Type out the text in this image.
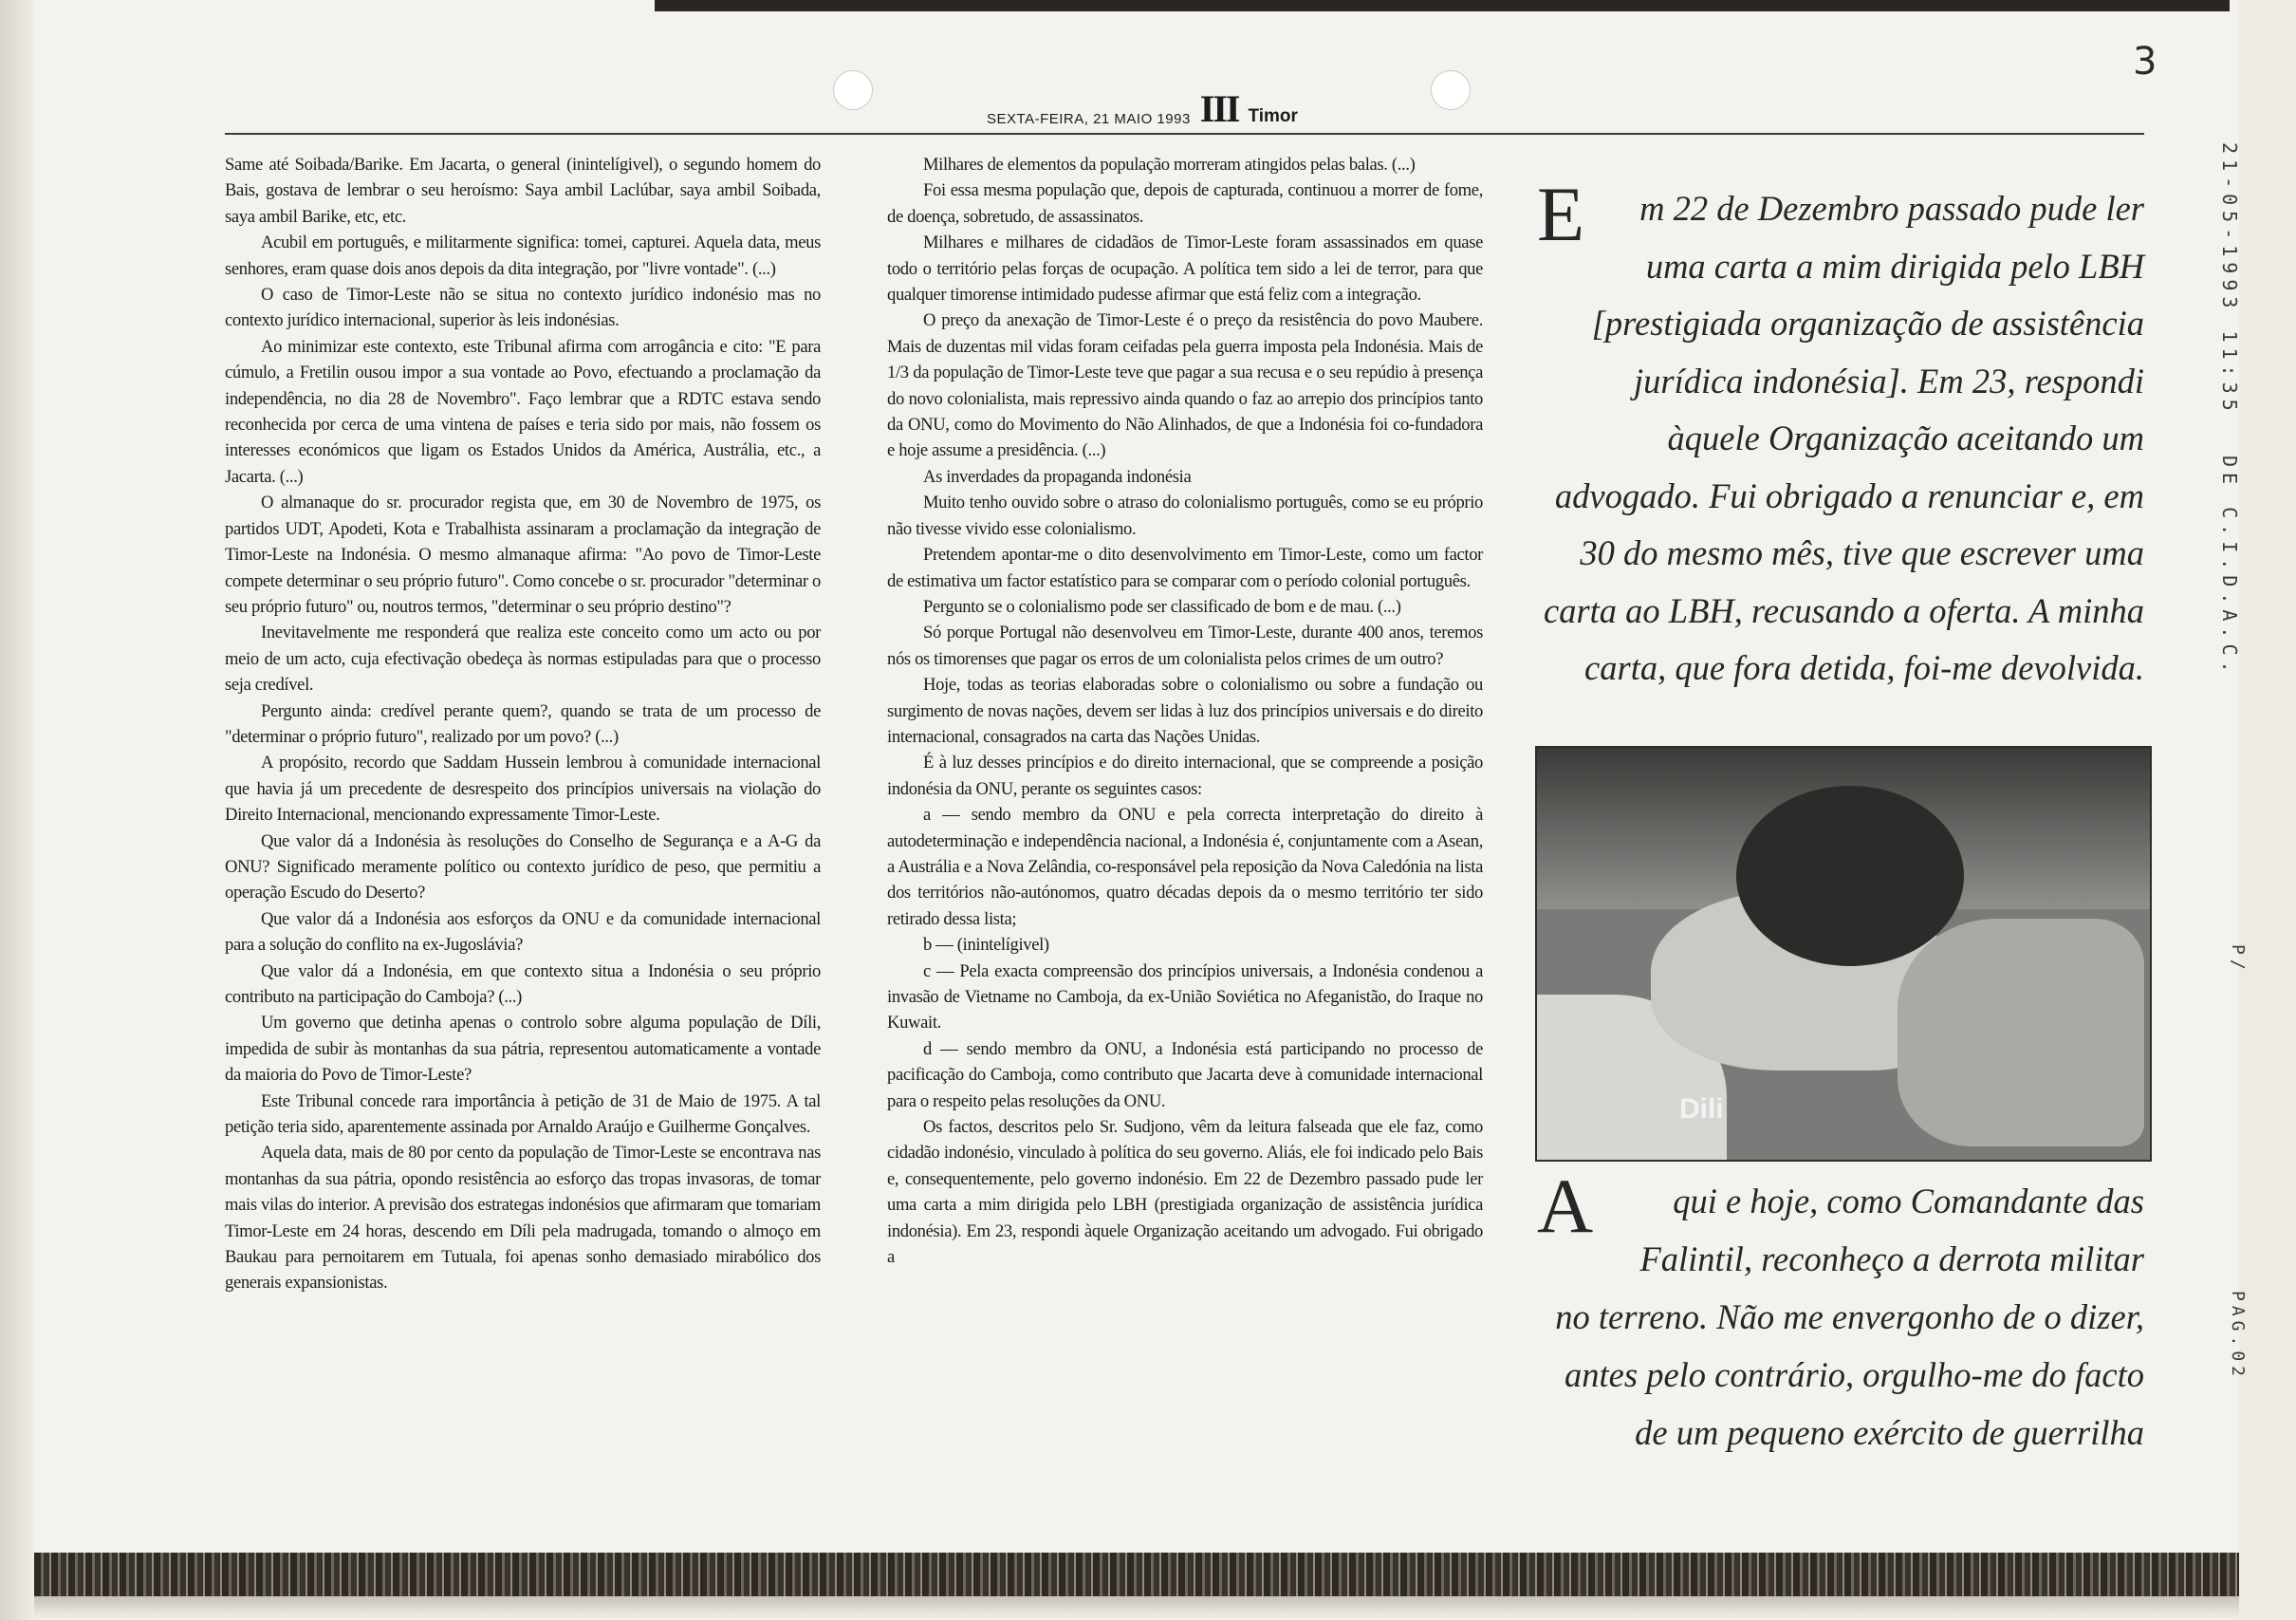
3
SEXTA-FEIRA, 21 MAIO 1993 III Timor

Same até Soibada/Barike. Em Jacarta, o general (inintelígivel), o segundo homem do Bais, gostava de lembrar o seu heroísmo: Saya ambil Laclúbar, saya ambil Soibada, saya ambil Barike, etc, etc.

Acubil em português, e militarmente significa: tomei, capturei. Aquela data, meus senhores, eram quase dois anos depois da dita integração, por "livre vontade". (...)

O caso de Timor-Leste não se situa no contexto jurídico indonésio mas no contexto jurídico internacional, superior às leis indonésias.

Ao minimizar este contexto, este Tribunal afirma com arrogância e cito: "E para cúmulo, a Fretilin ousou impor a sua vontade ao Povo, efectuando a proclamação da independência, no dia 28 de Novembro". Faço lembrar que a RDTC estava sendo reconhecida por cerca de uma vintena de países e teria sido por mais, não fossem os interesses económicos que ligam os Estados Unidos da América, Austrália, etc., a Jacarta. (...)

O almanaque do sr. procurador regista que, em 30 de Novembro de 1975, os partidos UDT, Apodeti, Kota e Trabalhista assinaram a proclamação da integração de Timor-Leste na Indonésia. O mesmo almanaque afirma: "Ao povo de Timor-Leste compete determinar o seu próprio futuro". Como concebe o sr. procurador "determinar o seu próprio futuro" ou, noutros termos, "determinar o seu próprio destino"?

Inevitavelmente me responderá que realiza este conceito como um acto ou por meio de um acto, cuja efectivação obedeça às normas estipuladas para que o processo seja credível.

Pergunto ainda: credível perante quem?, quando se trata de um processo de "determinar o próprio futuro", realizado por um povo? (...)

A propósito, recordo que Saddam Hussein lembrou à comunidade internacional que havia já um precedente de desrespeito dos princípios universais na violação do Direito Internacional, mencionando expressamente Timor-Leste.

Que valor dá a Indonésia às resoluções do Conselho de Segurança e a A-G da ONU? Significado meramente político ou contexto jurídico de peso, que permitiu a operação Escudo do Deserto?

Que valor dá a Indonésia aos esforços da ONU e da comunidade internacional para a solução do conflito na ex-Jugoslávia?

Que valor dá a Indonésia, em que contexto situa a Indonésia o seu próprio contributo na participação do Camboja? (...)

Um governo que detinha apenas o controlo sobre alguma população de Díli, impedida de subir às montanhas da sua pátria, representou automaticamente a vontade da maioria do Povo de Timor-Leste?

Este Tribunal concede rara importância à petição de 31 de Maio de 1975. A tal petição teria sido, aparentemente assinada por Arnaldo Araújo e Guilherme Gonçalves.

Aquela data, mais de 80 por cento da população de Timor-Leste se encontrava nas montanhas da sua pátria, opondo resistência ao esforço das tropas invasoras, de tomar mais vilas do interior. A previsão dos estrategas indonésios que afirmaram que tomariam Timor-Leste em 24 horas, descendo em Díli pela madrugada, tomando o almoço em Baukau para pernoitarem em Tutuala, foi apenas sonho demasiado mirabólico dos generais expansionistas.

Milhares de elementos da população morreram atingidos pelas balas. (...)

Foi essa mesma população que, depois de capturada, continuou a morrer de fome, de doença, sobretudo, de assassinatos.

Milhares e milhares de cidadãos de Timor-Leste foram assassinados em quase todo o território pelas forças de ocupação. A política tem sido a lei de terror, para que qualquer timorense intimidado pudesse afirmar que está feliz com a integração.

O preço da anexação de Timor-Leste é o preço da resistência do povo Maubere. Mais de duzentas mil vidas foram ceifadas pela guerra imposta pela Indonésia. Mais de 1/3 da população de Timor-Leste teve que pagar a sua recusa e o seu repúdio à presença do novo colonialista, mais repressivo ainda quando o faz ao arrepio dos princípios tanto da ONU, como do Movimento do Não Alinhados, de que a Indonésia foi co-fundadora e hoje assume a presidência. (...)

As inverdades da propaganda indonésia

Muito tenho ouvido sobre o atraso do colonialismo português, como se eu próprio não tivesse vivido esse colonialismo.

Pretendem apontar-me o dito desenvolvimento em Timor-Leste, como um factor de estimativa um factor estatístico para se comparar com o período colonial português.

Pergunto se o colonialismo pode ser classificado de bom e de mau. (...)

Só porque Portugal não desenvolveu em Timor-Leste, durante 400 anos, teremos nós os timorenses que pagar os erros de um colonialista pelos crimes de um outro?

Hoje, todas as teorias elaboradas sobre o colonialismo ou sobre a fundação ou surgimento de novas nações, devem ser lidas à luz dos princípios universais e do direito internacional, consagrados na carta das Nações Unidas.

É à luz desses princípios e do direito internacional, que se compreende a posição indonésia da ONU, perante os seguintes casos:

a — sendo membro da ONU e pela correcta interpretação do direito à autodeterminação e independência nacional, a Indonésia é, conjuntamente com a Asean, a Austrália e a Nova Zelândia, co-responsável pela reposição da Nova Caledónia na lista dos territórios não-autónomos, quatro décadas depois da o mesmo território ter sido retirado dessa lista;

b — (inintelígivel)

c — Pela exacta compreensão dos princípios universais, a Indonésia condenou a invasão de Vietname no Camboja, da ex-União Soviética no Afeganistão, do Iraque no Kuwait.

d — sendo membro da ONU, a Indonésia está participando no processo de pacificação do Camboja, como contributo que Jacarta deve à comunidade internacional para o respeito pelas resoluções da ONU.

Os factos, descritos pelo Sr. Sudjono, vêm da leitura falseada que ele faz, como cidadão indonésio, vinculado à política do seu governo. Aliás, ele foi indicado pelo Bais e, consequentemente, pelo governo indonésio. Em 22 de Dezembro passado pude ler uma carta a mim dirigida pelo LBH (prestigiada organização de assistência jurídica indonésia). Em 23, respondi àquele Organização aceitando um advogado. Fui obrigado a

E m 22 de Dezembro passado pude ler uma carta a mim dirigida pelo LBH [prestigiada organização de assistência jurídica indonésia]. Em 23, respondi àquele Organização aceitando um advogado. Fui obrigado a renunciar e, em 30 do mesmo mês, tive que escrever uma carta ao LBH, recusando a oferta. A minha carta, que fora detida, foi-me devolvida.
Dili
A qui e hoje, como Comandante das Falintil, reconheço a derrota militar no terreno. Não me envergonho de o dizer, antes pelo contrário, orgulho-me do facto de um pequeno exército de guerrilha
21-05-1993 11:35
DE C.I.D.A.C.
P/
PAG.02
